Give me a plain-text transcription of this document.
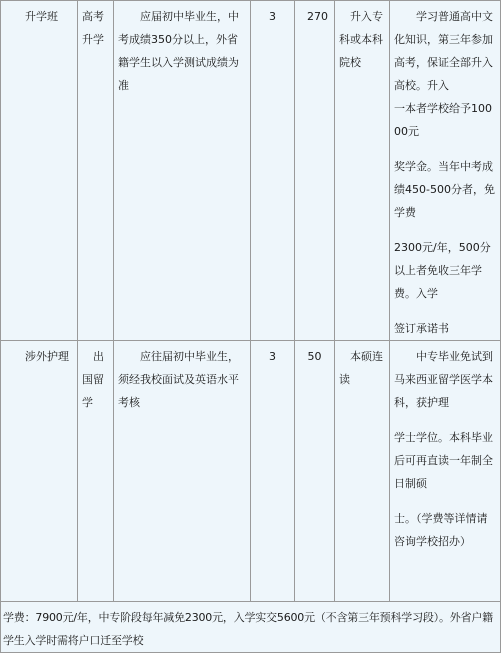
升学班	高考升学	应届初中毕业生，中考成绩350分以上，外省籍学生以入学测试成绩为准	3	270	升入专科或本科院校	学习普通高中文化知识，第三年参加高考，保证全部升入高校。升入

一本者学校给予10000元

奖学金。当年中考成绩450-500分者，免学费

2300元/年，500分以上者免收三年学费。入学

签订承诺书

涉外护理	出国留学	应往届初中毕业生，须经我校面试及英语水平考核	3	50	本硕连读	中专毕业免试到马来西亚留学医学本科，获护理

学士学位。本科毕业

后可再直读一年制全日制硕

士。（学费等详情请咨询学校招办）

学费：7900元/年，中专阶段每年减免2300元，入学实交5600元（不含第三年预科学习段）。外省户籍学生入学时需将户口迁至学校						
